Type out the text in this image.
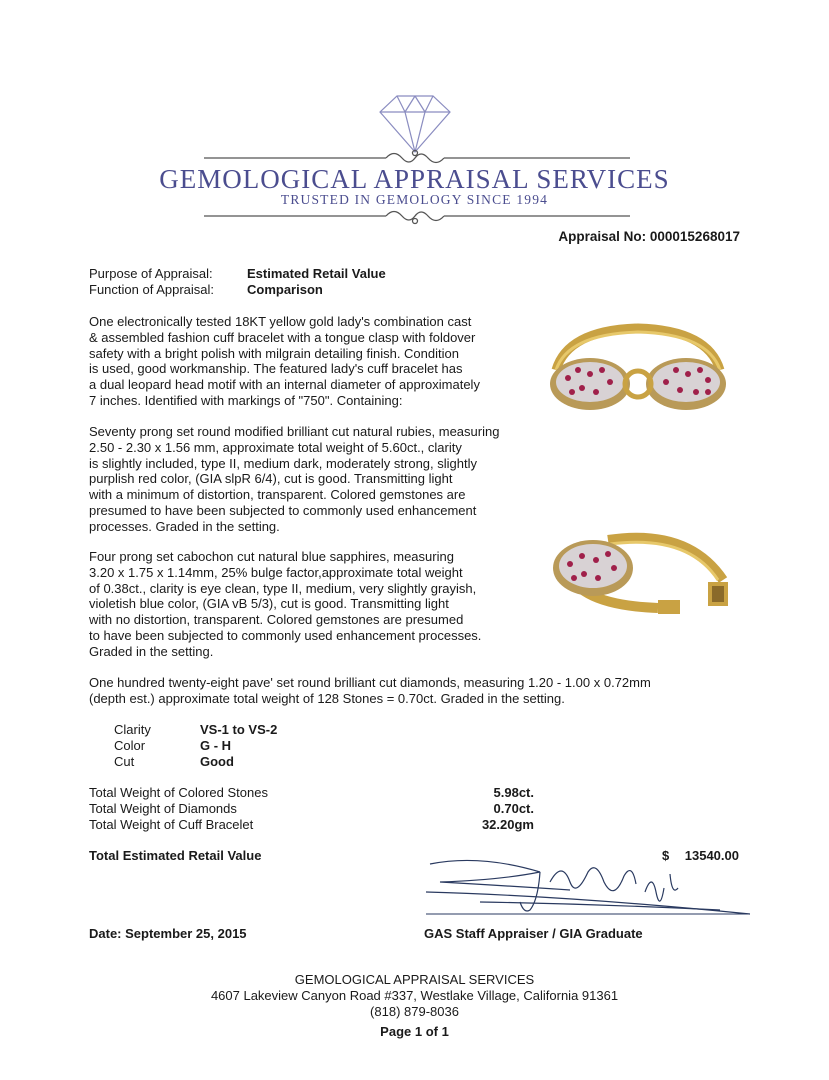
GEMOLOGICAL APPRAISAL SERVICES
TRUSTED IN GEMOLOGY SINCE 1994
Appraisal No: 000015268017
Purpose of Appraisal:	Estimated Retail Value
Function of Appraisal:	Comparison
One electronically tested 18KT yellow gold lady's combination cast
& assembled fashion cuff bracelet with a tongue clasp with foldover
safety with a bright polish with milgrain detailing finish. Condition
is used, good workmanship. The featured lady's cuff bracelet has
a dual leopard head motif with an internal diameter of approximately
7 inches. Identified with markings of "750". Containing:
Seventy prong set round modified brilliant cut natural rubies, measuring
2.50 - 2.30 x 1.56 mm, approximate total weight of 5.60ct., clarity
is slightly included, type II, medium dark, moderately strong, slightly
purplish red color, (GIA slpR 6/4), cut is good. Transmitting light
with a minimum of distortion, transparent. Colored gemstones are
presumed to have been subjected to commonly used enhancement
processes. Graded in the setting.
Four prong set cabochon cut natural blue sapphires, measuring
3.20 x 1.75 x 1.14mm, 25% bulge factor,approximate total weight
of 0.38ct., clarity is eye clean, type II, medium, very slightly grayish,
violetish blue color, (GIA vB 5/3), cut is good. Transmitting light
with no distortion, transparent. Colored gemstones are presumed
to have been subjected to commonly used enhancement processes.
Graded in the setting.
One hundred twenty-eight pave' set round brilliant cut diamonds, measuring 1.20 - 1.00 x 0.72mm
(depth est.) approximate total weight of 128 Stones = 0.70ct. Graded in the setting.
Clarity	VS-1 to VS-2
Color	G - H
Cut	Good
Total Weight of Colored Stones	5.98ct.
Total Weight of Diamonds	0.70ct.
Total Weight of Cuff Bracelet	32.20gm
Total Estimated Retail Value	$ 13540.00
Date: September 25, 2015	GAS Staff Appraiser / GIA Graduate
GEMOLOGICAL APPRAISAL SERVICES
4607 Lakeview Canyon Road #337, Westlake Village, California 91361
(818) 879-8036
Page 1 of 1
